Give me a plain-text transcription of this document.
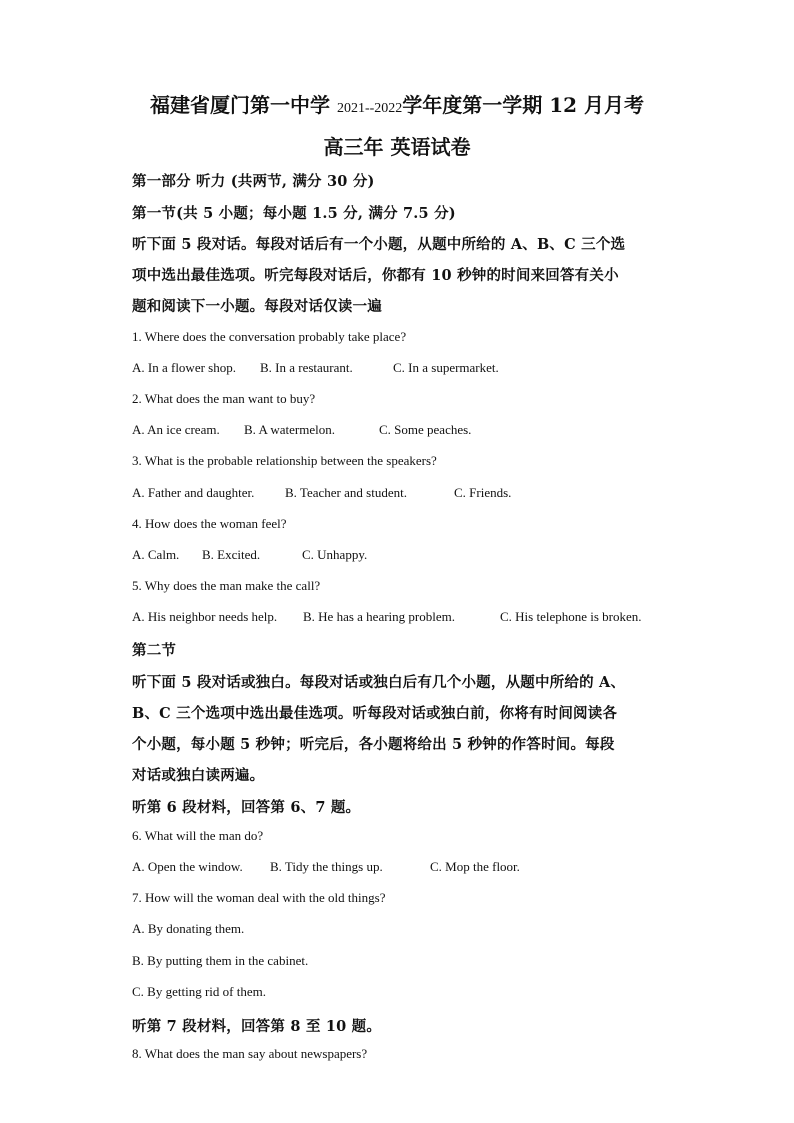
福建省厦门第一中学 2021--2022学年度第一学期 12 月月考
高三年 英语试卷
第一部分 听力 (共两节, 满分 30 分)
第一节(共 5 小题；每小题 1.5 分, 满分 7.5 分)
听下面 5 段对话。每段对话后有一个小题，从题中所给的 A、B、C 三个选
项中选出最佳选项。听完每段对话后，你都有 10 秒钟的时间来回答有关小
题和阅读下一小题。每段对话仅读一遍
1. Where does the conversation probably take place?
A. In a flower shop. B. In a restaurant.	C. In a supermarket.
2. What does the man want to buy?
A. An ice cream. B. A watermelon.	C. Some peaches.
3. What is the probable relationship between the speakers?
A. Father and daughter. B. Teacher and student.	C. Friends.
4. How does the woman feel?
A. Calm. B. Excited.	C. Unhappy.
5. Why does the man make the call?
A. His neighbor needs help. B. He has a hearing problem.	C. His telephone is broken.
第二节
听下面 5 段对话或独白。每段对话或独白后有几个小题，从题中所给的 A、
B、C 三个选项中选出最佳选项。听每段对话或独白前，你将有时间阅读各
个小题，每小题 5 秒钟；听完后，各小题将给出 5 秒钟的作答时间。每段
对话或独白读两遍。
听第 6 段材料，回答第 6、7 题。
6. What will the man do?
A. Open the window. B. Tidy the things up.	C. Mop the floor.
7. How will the woman deal with the old things?
A. By donating them.
B. By putting them in the cabinet.
C. By getting rid of them.
听第 7 段材料，回答第 8 至 10 题。
8. What does the man say about newspapers?
